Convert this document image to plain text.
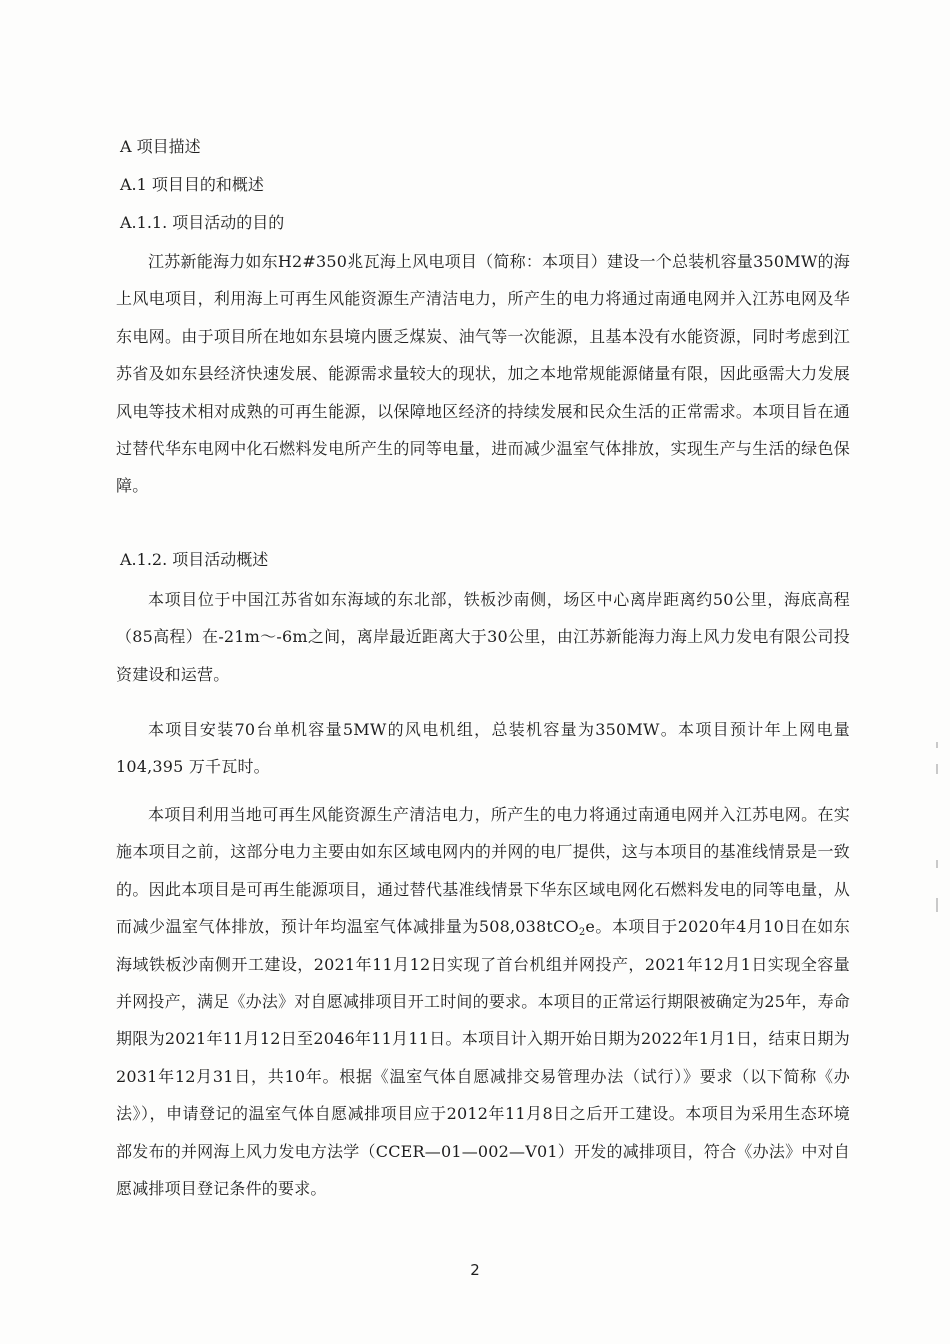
A 项目描述
A.1 项目目的和概述
A.1.1. 项目活动的目的
江苏新能海力如东H2#350兆瓦海上风电项目（简称：本项目）建设一个总装机容量350MW的海上风电项目，利用海上可再生风能资源生产清洁电力，所产生的电力将通过南通电网并入江苏电网及华东电网。由于项目所在地如东县境内匮乏煤炭、油气等一次能源，且基本没有水能资源，同时考虑到江苏省及如东县经济快速发展、能源需求量较大的现状，加之本地常规能源储量有限，因此亟需大力发展风电等技术相对成熟的可再生能源，以保障地区经济的持续发展和民众生活的正常需求。本项目旨在通过替代华东电网中化石燃料发电所产生的同等电量，进而减少温室气体排放，实现生产与生活的绿色保障。
A.1.2. 项目活动概述
本项目位于中国江苏省如东海域的东北部，铁板沙南侧，场区中心离岸距离约50公里，海底高程（85高程）在-21m～-6m之间，离岸最近距离大于30公里，由江苏新能海力海上风力发电有限公司投资建设和运营。
本项目安装70台单机容量5MW的风电机组，总装机容量为350MW。本项目预计年上网电量104,395 万千瓦时。
本项目利用当地可再生风能资源生产清洁电力，所产生的电力将通过南通电网并入江苏电网。在实施本项目之前，这部分电力主要由如东区域电网内的并网的电厂提供，这与本项目的基准线情景是一致的。因此本项目是可再生能源项目，通过替代基准线情景下华东区域电网化石燃料发电的同等电量，从而减少温室气体排放，预计年均温室气体减排量为508,038tCO$_2$e。本项目于2020年4月10日在如东海域铁板沙南侧开工建设，2021年11月12日实现了首台机组并网投产，2021年12月1日实现全容量并网投产，满足《办法》对自愿减排项目开工时间的要求。本项目的正常运行期限被确定为25年，寿命期限为2021年11月12日至2046年11月11日。本项目计入期开始日期为2022年1月1日，结束日期为2031年12月31日，共10年。根据《温室气体自愿减排交易管理办法（试行）》要求（以下简称《办法》），申请登记的温室气体自愿减排项目应于2012年11月8日之后开工建设。本项目为采用生态环境部发布的并网海上风力发电方法学（CCER—01—002—V01）开发的减排项目，符合《办法》中对自愿减排项目登记条件的要求。
2
